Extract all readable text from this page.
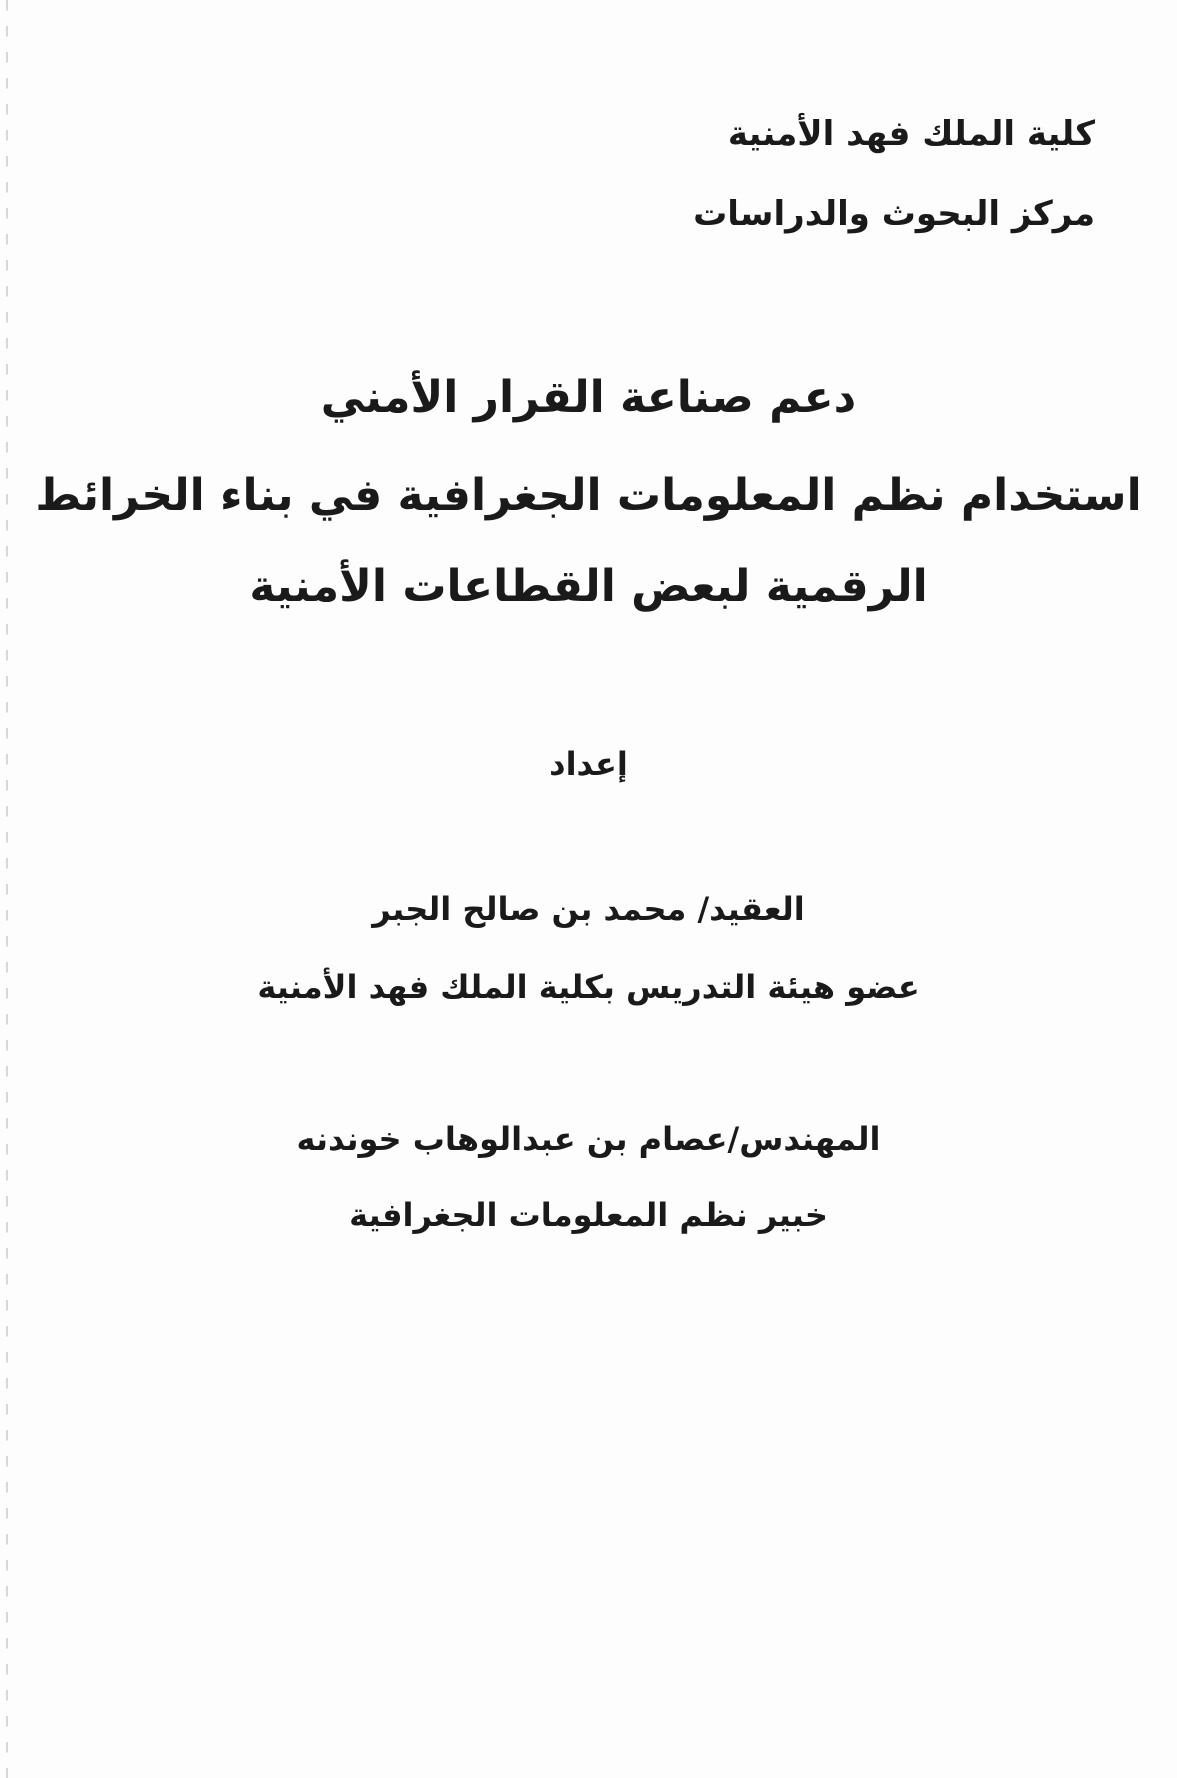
كلية الملك فهد الأمنية

مركز البحوث والدراسات

دعم صناعة القرار الأمني

استخدام نظم المعلومات الجغرافية في بناء الخرائط

الرقمية لبعض القطاعات الأمنية

إعداد

العقيد/ محمد بن صالح الجبر

عضو هيئة التدريس بكلية الملك فهد الأمنية

المهندس/عصام بن عبدالوهاب خوندنه

خبير نظم المعلومات الجغرافية
